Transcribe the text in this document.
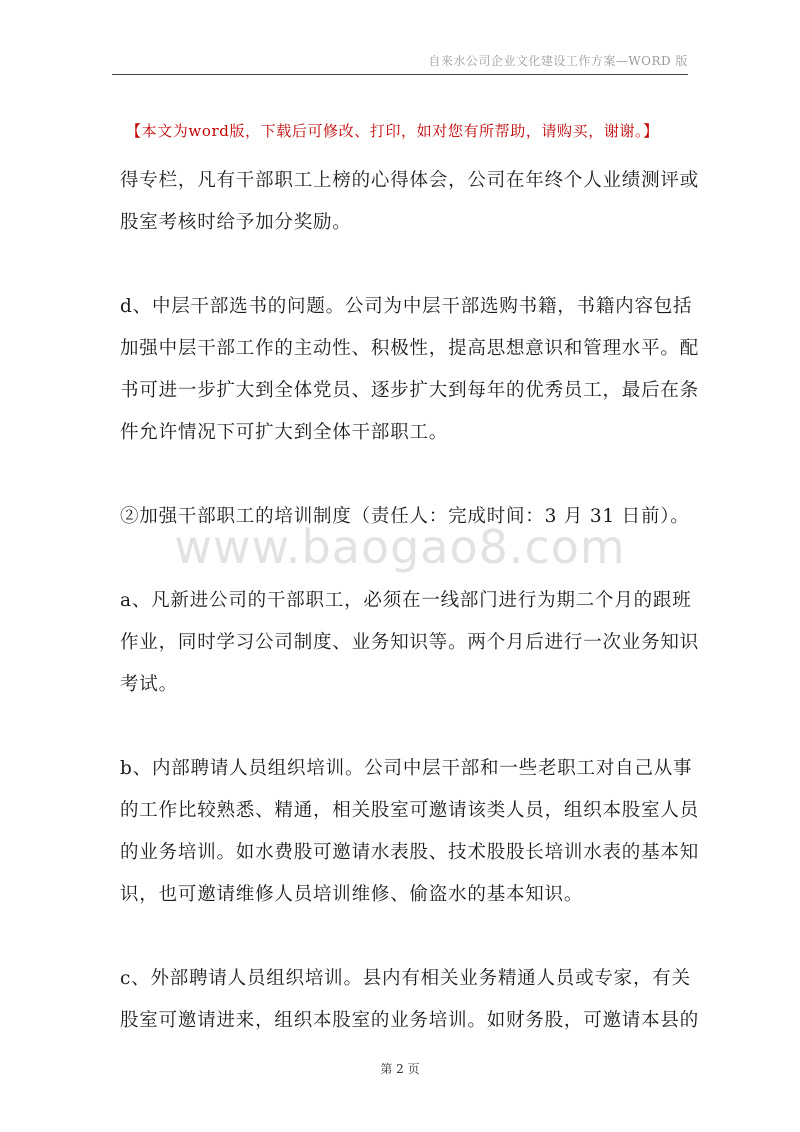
自来水公司企业文化建设工作方案—WORD 版
【本文为word版，下载后可修改、打印，如对您有所帮助，请购买，谢谢。】
得专栏，凡有干部职工上榜的心得体会，公司在年终个人业绩测评或
股室考核时给予加分奖励。
d、中层干部选书的问题。公司为中层干部选购书籍，书籍内容包括
加强中层干部工作的主动性、积极性，提高思想意识和管理水平。配
书可进一步扩大到全体党员、逐步扩大到每年的优秀员工，最后在条
件允许情况下可扩大到全体干部职工。
②加强干部职工的培训制度（责任人：完成时间：3 月 31 日前）。
a、凡新进公司的干部职工，必须在一线部门进行为期二个月的跟班
作业，同时学习公司制度、业务知识等。两个月后进行一次业务知识
考试。
b、内部聘请人员组织培训。公司中层干部和一些老职工对自己从事
的工作比较熟悉、精通，相关股室可邀请该类人员，组织本股室人员
的业务培训。如水费股可邀请水表股、技术股股长培训水表的基本知
识，也可邀请维修人员培训维修、偷盗水的基本知识。
c、外部聘请人员组织培训。县内有相关业务精通人员或专家，有关
股室可邀请进来，组织本股室的业务培训。如财务股，可邀请本县的
www.baogao8.com
第 2 页
